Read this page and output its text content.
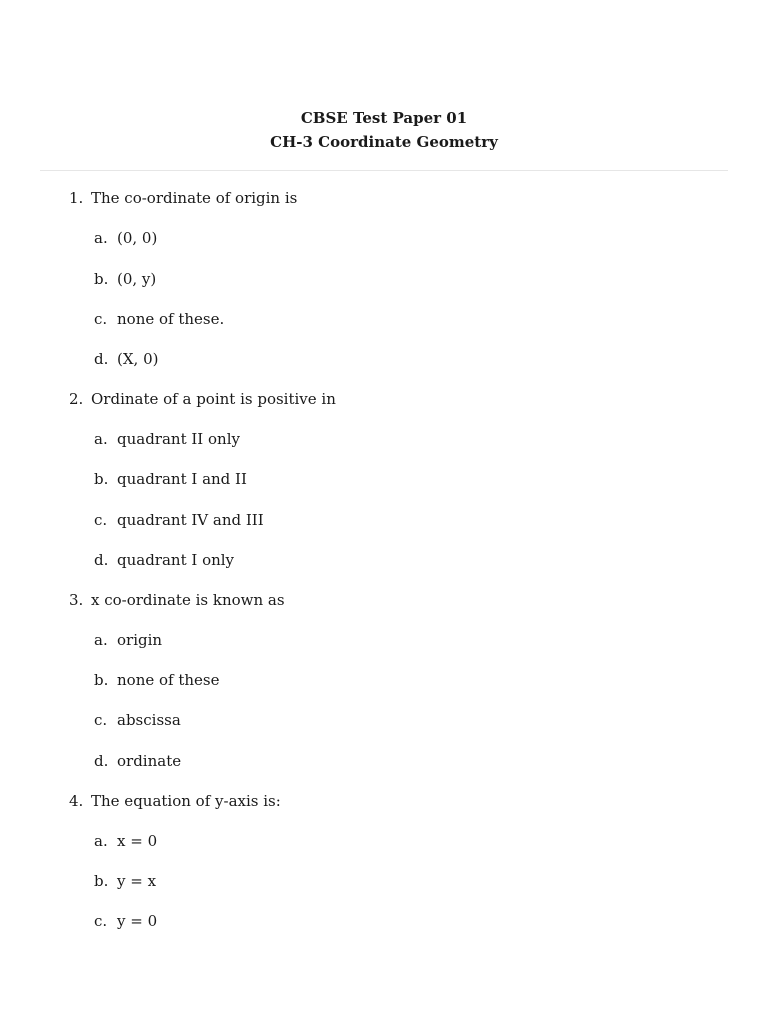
CBSE Test Paper 01
CH-3 Coordinate Geometry
1. The co-ordinate of origin is
a. (0, 0)
b. (0, y)
c. none of these.
d. (X, 0)
2. Ordinate of a point is positive in
a. quadrant II only
b. quadrant I and II
c. quadrant IV and III
d. quadrant I only
3. x co-ordinate is known as
a. origin
b. none of these
c. abscissa
d. ordinate
4. The equation of y-axis is:
a. x = 0
b. y = x
c. y = 0
